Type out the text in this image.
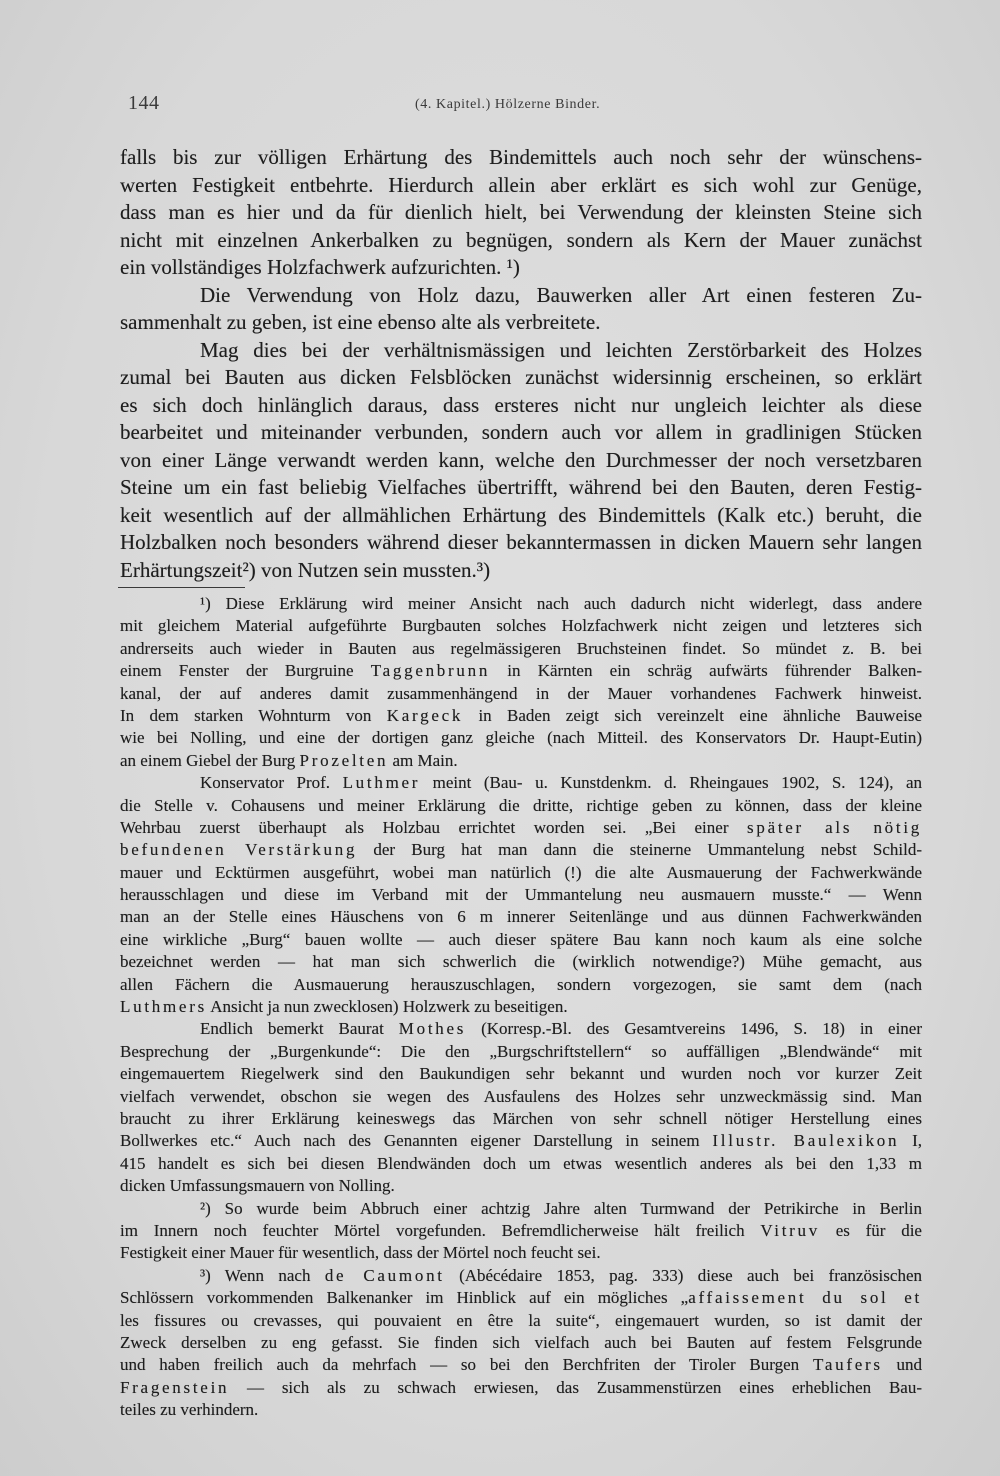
144	(4. Kapitel.) Hölzerne Binder.
falls bis zur völligen Erhärtung des Bindemittels auch noch sehr der wünschens-
werten Festigkeit entbehrte. Hierdurch allein aber erklärt es sich wohl zur Genüge,
dass man es hier und da für dienlich hielt, bei Verwendung der kleinsten Steine sich
nicht mit einzelnen Ankerbalken zu begnügen, sondern als Kern der Mauer zunächst
ein vollständiges Holzfachwerk aufzurichten. ¹)
Die Verwendung von Holz dazu, Bauwerken aller Art einen festeren Zu-
sammenhalt zu geben, ist eine ebenso alte als verbreitete.
Mag dies bei der verhältnismässigen und leichten Zerstörbarkeit des Holzes
zumal bei Bauten aus dicken Felsblöcken zunächst widersinnig erscheinen, so erklärt
es sich doch hinlänglich daraus, dass ersteres nicht nur ungleich leichter als diese
bearbeitet und miteinander verbunden, sondern auch vor allem in gradlinigen Stücken
von einer Länge verwandt werden kann, welche den Durchmesser der noch versetzbaren
Steine um ein fast beliebig Vielfaches übertrifft, während bei den Bauten, deren Festig-
keit wesentlich auf der allmählichen Erhärtung des Bindemittels (Kalk etc.) beruht, die
Holzbalken noch besonders während dieser bekanntermassen in dicken Mauern sehr langen
Erhärtungszeit²) von Nutzen sein mussten.³)
¹) Diese Erklärung wird meiner Ansicht nach auch dadurch nicht widerlegt, dass andere
mit gleichem Material aufgeführte Burgbauten solches Holzfachwerk nicht zeigen und letzteres sich
andrerseits auch wieder in Bauten aus regelmässigeren Bruchsteinen findet. So mündet z. B. bei
einem Fenster der Burgruine Taggenbrunn in Kärnten ein schräg aufwärts führender Balken-
kanal, der auf anderes damit zusammenhängend in der Mauer vorhandenes Fachwerk hinweist.
In dem starken Wohnturm von Kargeck in Baden zeigt sich vereinzelt eine ähnliche Bauweise
wie bei Nolling, und eine der dortigen ganz gleiche (nach Mitteil. des Konservators Dr. Haupt-Eutin)
an einem Giebel der Burg Prozelten am Main.
Konservator Prof. Luthmer meint (Bau- u. Kunstdenkm. d. Rheingaues 1902, S. 124), an
die Stelle v. Cohausens und meiner Erklärung die dritte, richtige geben zu können, dass der kleine
Wehrbau zuerst überhaupt als Holzbau errichtet worden sei. „Bei einer später als nötig
befundenen Verstärkung der Burg hat man dann die steinerne Ummantelung nebst Schild-
mauer und Ecktürmen ausgeführt, wobei man natürlich (!) die alte Ausmauerung der Fachwerkwände
herausschlagen und diese im Verband mit der Ummantelung neu ausmauern musste.“ — Wenn
man an der Stelle eines Häuschens von 6 m innerer Seitenlänge und aus dünnen Fachwerkwänden
eine wirkliche „Burg“ bauen wollte — auch dieser spätere Bau kann noch kaum als eine solche
bezeichnet werden — hat man sich schwerlich die (wirklich notwendige?) Mühe gemacht, aus
allen Fächern die Ausmauerung herauszuschlagen, sondern vorgezogen, sie samt dem (nach
Luthmers Ansicht ja nun zwecklosen) Holzwerk zu beseitigen.
Endlich bemerkt Baurat Mothes (Korresp.-Bl. des Gesamtvereins 1496, S. 18) in einer
Besprechung der „Burgenkunde“: Die den „Burgschriftstellern“ so auffälligen „Blendwände“ mit
eingemauertem Riegelwerk sind den Baukundigen sehr bekannt und wurden noch vor kurzer Zeit
vielfach verwendet, obschon sie wegen des Ausfaulens des Holzes sehr unzweckmässig sind. Man
braucht zu ihrer Erklärung keineswegs das Märchen von sehr schnell nötiger Herstellung eines
Bollwerkes etc.“ Auch nach des Genannten eigener Darstellung in seinem Illustr. Baulexikon I,
415 handelt es sich bei diesen Blendwänden doch um etwas wesentlich anderes als bei den 1,33 m
dicken Umfassungsmauern von Nolling.
²) So wurde beim Abbruch einer achtzig Jahre alten Turmwand der Petrikirche in Berlin
im Innern noch feuchter Mörtel vorgefunden. Befremdlicherweise hält freilich Vitruv es für die
Festigkeit einer Mauer für wesentlich, dass der Mörtel noch feucht sei.
³) Wenn nach de Caumont (Abécédaire 1853, pag. 333) diese auch bei französischen
Schlössern vorkommenden Balkenanker im Hinblick auf ein mögliches „affaissement du sol et
les fissures ou crevasses, qui pouvaient en être la suite“, eingemauert wurden, so ist damit der
Zweck derselben zu eng gefasst. Sie finden sich vielfach auch bei Bauten auf festem Felsgrunde
und haben freilich auch da mehrfach — so bei den Berchfriten der Tiroler Burgen Taufers und
Fragenstein — sich als zu schwach erwiesen, das Zusammenstürzen eines erheblichen Bau-
teiles zu verhindern.
